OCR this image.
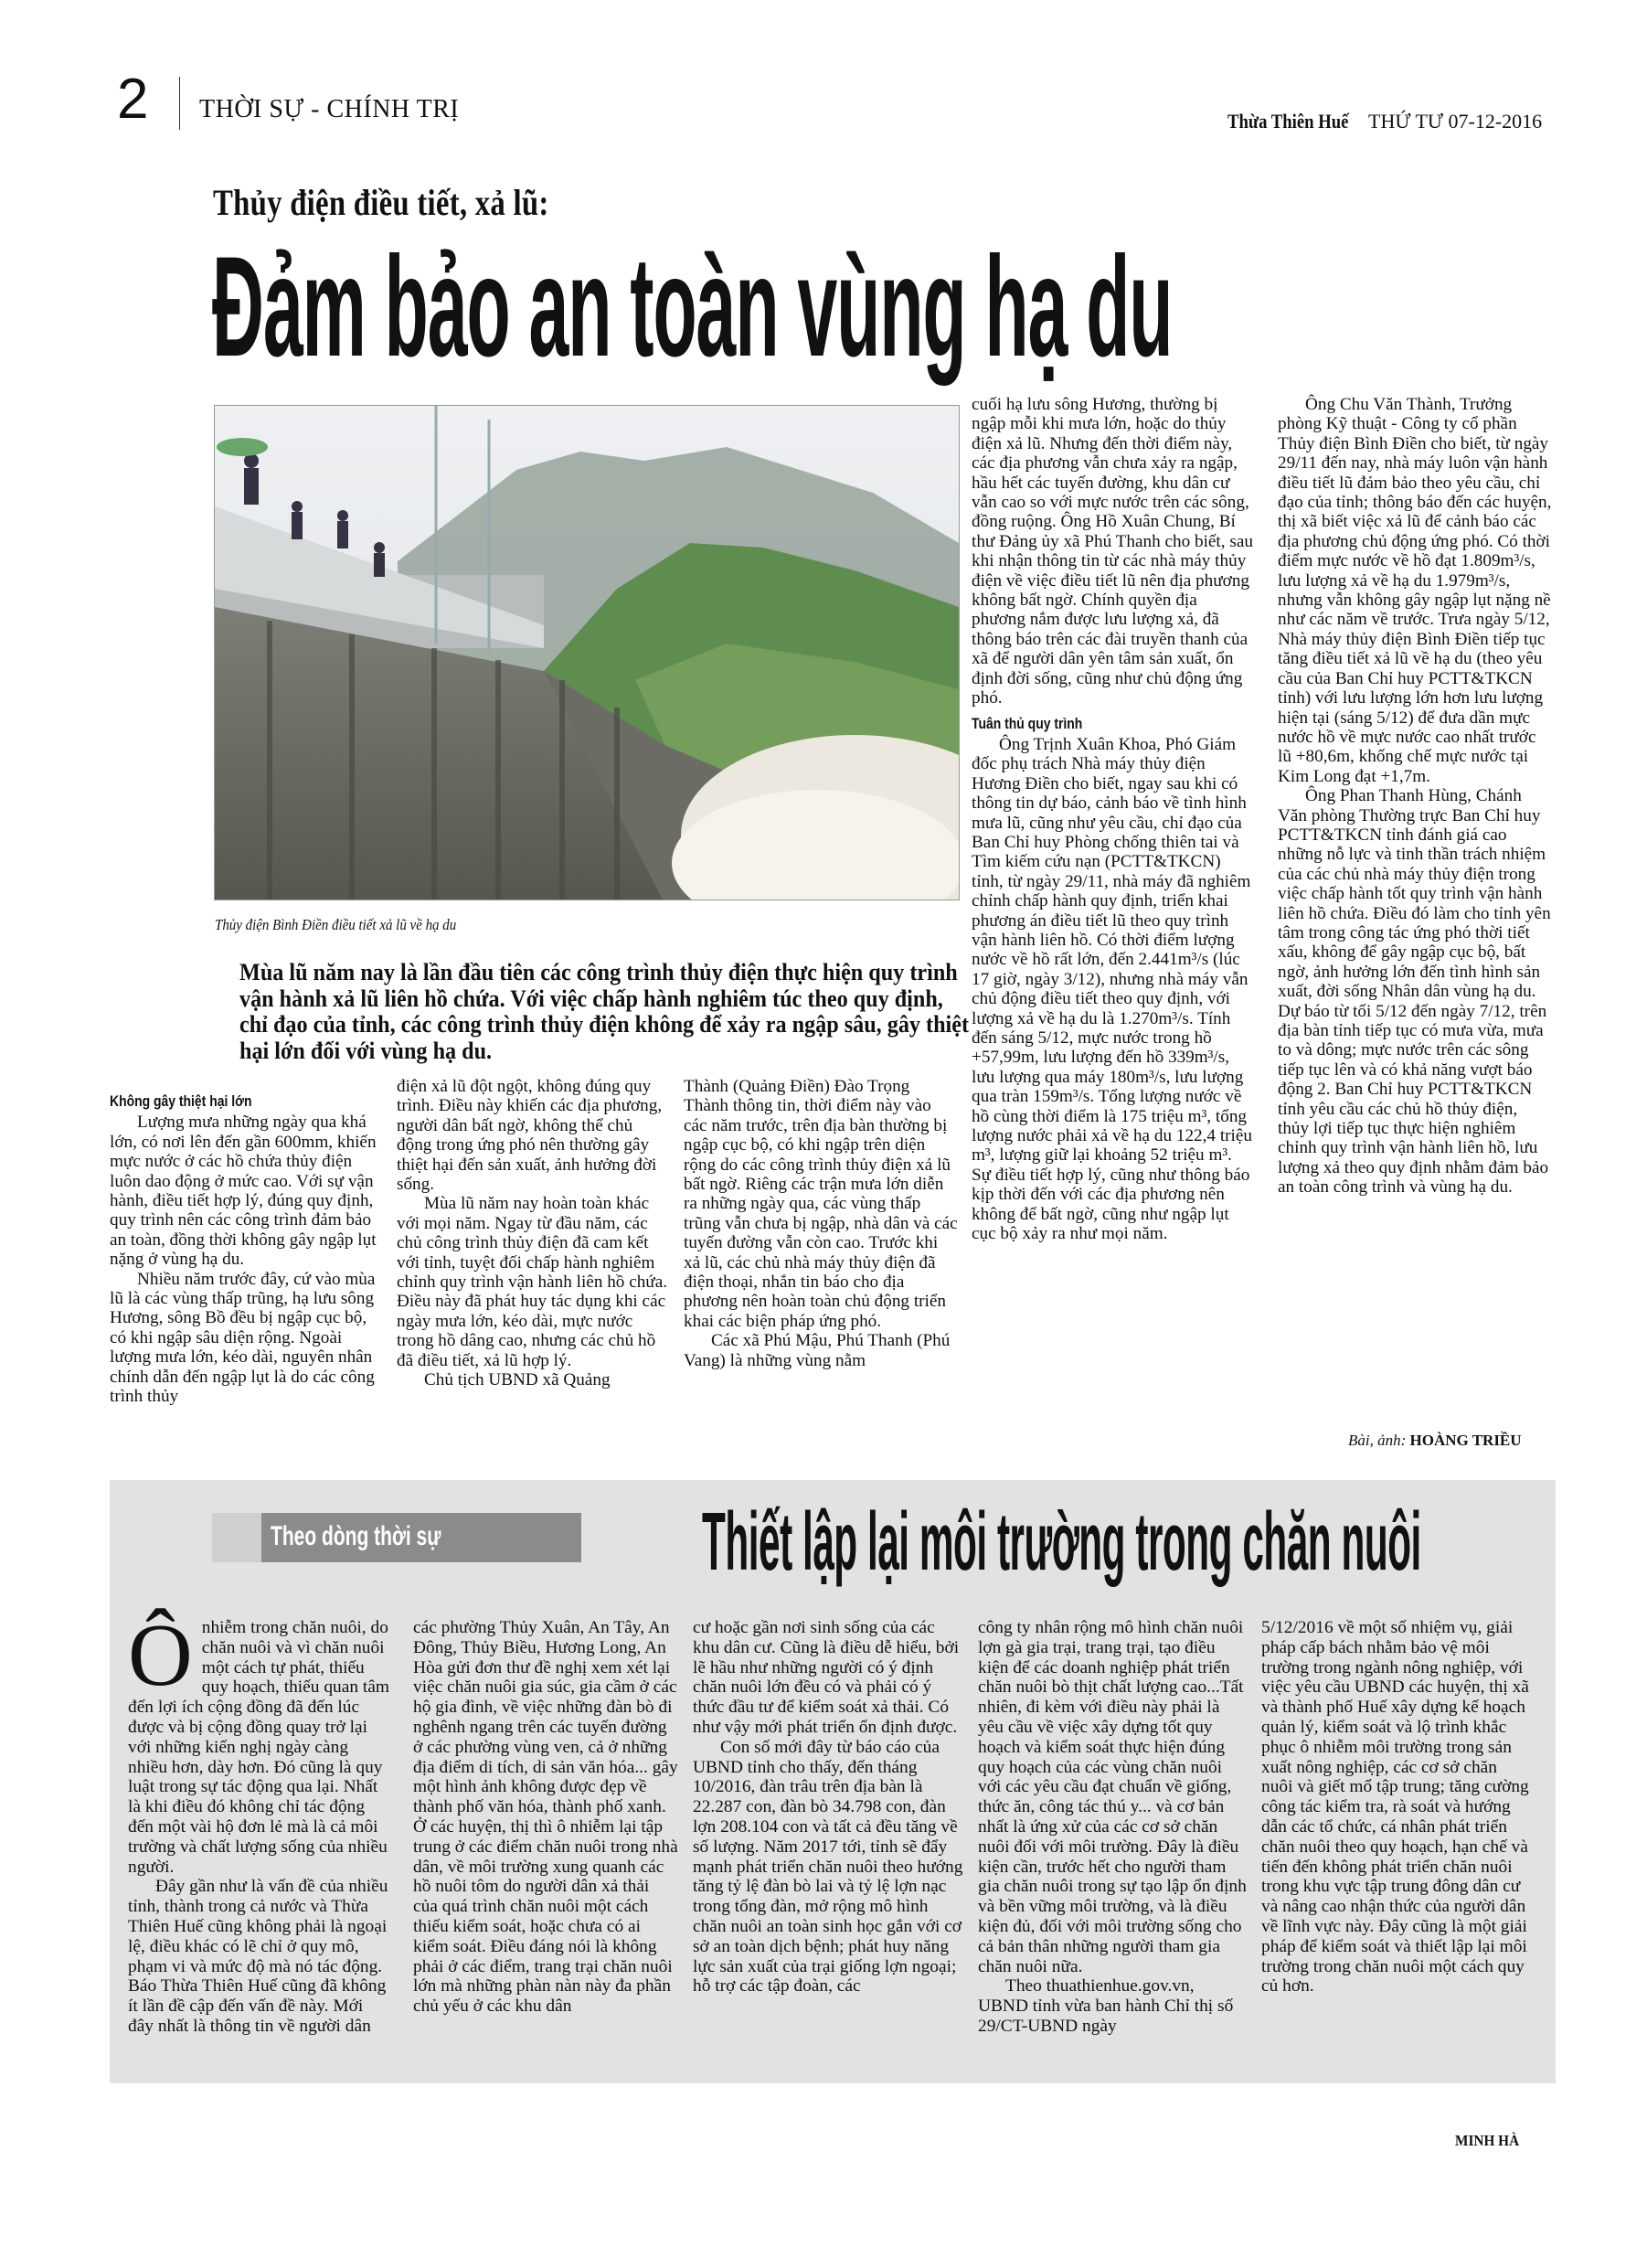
2 THỜI SỰ - CHÍNH TRỊ	Thừa Thiên Huế THỨ TƯ 07-12-2016
Thủy điện điều tiết, xả lũ:
Đảm bảo an toàn vùng hạ du
Thủy điện Bình Điền điều tiết xả lũ về hạ du
Mùa lũ năm nay là lần đầu tiên các công trình thủy điện thực hiện quy trình vận hành xả lũ liên hồ chứa. Với việc chấp hành nghiêm túc theo quy định, chỉ đạo của tỉnh, các công trình thủy điện không để xảy ra ngập sâu, gây thiệt hại lớn đối với vùng hạ du.
Không gây thiệt hại lớn

Lượng mưa những ngày qua khá lớn, có nơi lên đến gần 600mm, khiến mực nước ở các hồ chứa thủy điện luôn dao động ở mức cao. Với sự vận hành, điều tiết hợp lý, đúng quy định, quy trình nên các công trình đảm bảo an toàn, đồng thời không gây ngập lụt nặng ở vùng hạ du.

Nhiều năm trước đây, cứ vào mùa lũ là các vùng thấp trũng, hạ lưu sông Hương, sông Bồ đều bị ngập cục bộ, có khi ngập sâu diện rộng. Ngoài lượng mưa lớn, kéo dài, nguyên nhân chính dẫn đến ngập lụt là do các công trình thủy

điện xả lũ đột ngột, không đúng quy trình. Điều này khiến các địa phương, người dân bất ngờ, không thể chủ động trong ứng phó nên thường gây thiệt hại đến sản xuất, ảnh hưởng đời sống.

Mùa lũ năm nay hoàn toàn khác với mọi năm. Ngay từ đầu năm, các chủ công trình thủy điện đã cam kết với tỉnh, tuyệt đối chấp hành nghiêm chỉnh quy trình vận hành liên hồ chứa. Điều này đã phát huy tác dụng khi các ngày mưa lớn, kéo dài, mực nước trong hồ dâng cao, nhưng các chủ hồ đã điều tiết, xả lũ hợp lý.

Chủ tịch UBND xã Quảng

Thành (Quảng Điền) Đào Trọng Thành thông tin, thời điểm này vào các năm trước, trên địa bàn thường bị ngập cục bộ, có khi ngập trên diện rộng do các công trình thủy điện xả lũ bất ngờ. Riêng các trận mưa lớn diễn ra những ngày qua, các vùng thấp trũng vẫn chưa bị ngập, nhà dân và các tuyến đường vẫn còn cao. Trước khi xả lũ, các chủ nhà máy thủy điện đã điện thoại, nhắn tin báo cho địa phương nên hoàn toàn chủ động triển khai các biện pháp ứng phó.

Các xã Phú Mậu, Phú Thanh (Phú Vang) là những vùng nằm

cuối hạ lưu sông Hương, thường bị ngập mỗi khi mưa lớn, hoặc do thủy điện xả lũ. Nhưng đến thời điểm này, các địa phương vẫn chưa xảy ra ngập, hầu hết các tuyến đường, khu dân cư vẫn cao so với mực nước trên các sông, đồng ruộng. Ông Hồ Xuân Chung, Bí thư Đảng ủy xã Phú Thanh cho biết, sau khi nhận thông tin từ các nhà máy thủy điện về việc điều tiết lũ nên địa phương không bất ngờ. Chính quyền địa phương nắm được lưu lượng xả, đã thông báo trên các đài truyền thanh của xã để người dân yên tâm sản xuất, ổn định đời sống, cũng như chủ động ứng phó.

Tuân thủ quy trình

Ông Trịnh Xuân Khoa, Phó Giám đốc phụ trách Nhà máy thủy điện Hương Điền cho biết, ngay sau khi có thông tin dự báo, cảnh báo về tình hình mưa lũ, cũng như yêu cầu, chỉ đạo của Ban Chỉ huy Phòng chống thiên tai và Tìm kiếm cứu nạn (PCTT&TKCN) tỉnh, từ ngày 29/11, nhà máy đã nghiêm chỉnh chấp hành quy định, triển khai phương án điều tiết lũ theo quy trình vận hành liên hồ. Có thời điểm lượng nước về hồ rất lớn, đến 2.441m³/s (lúc 17 giờ, ngày 3/12), nhưng nhà máy vẫn chủ động điều tiết theo quy định, với lượng xả về hạ du là 1.270m³/s. Tính đến sáng 5/12, mực nước trong hồ +57,99m, lưu lượng đến hồ 339m³/s, lưu lượng qua máy 180m³/s, lưu lượng qua tràn 159m³/s. Tổng lượng nước về hồ cùng thời điểm là 175 triệu m³, tổng lượng nước phải xả về hạ du 122,4 triệu m³, lượng giữ lại khoảng 52 triệu m³. Sự điều tiết hợp lý, cũng như thông báo kịp thời đến với các địa phương nên không để bất ngờ, cũng như ngập lụt cục bộ xảy ra như mọi năm.

Ông Chu Văn Thành, Trưởng phòng Kỹ thuật - Công ty cổ phần Thủy điện Bình Điền cho biết, từ ngày 29/11 đến nay, nhà máy luôn vận hành điều tiết lũ đảm bảo theo yêu cầu, chỉ đạo của tỉnh; thông báo đến các huyện, thị xã biết việc xả lũ để cảnh báo các địa phương chủ động ứng phó. Có thời điểm mực nước về hồ đạt 1.809m³/s, lưu lượng xả về hạ du 1.979m³/s, nhưng vẫn không gây ngập lụt nặng nề như các năm về trước. Trưa ngày 5/12, Nhà máy thủy điện Bình Điền tiếp tục tăng điều tiết xả lũ về hạ du (theo yêu cầu của Ban Chỉ huy PCTT&TKCN tỉnh) với lưu lượng lớn hơn lưu lượng hiện tại (sáng 5/12) để đưa dần mực nước hồ về mực nước cao nhất trước lũ +80,6m, khống chế mực nước tại Kim Long đạt +1,7m.

Ông Phan Thanh Hùng, Chánh Văn phòng Thường trực Ban Chỉ huy PCTT&TKCN tỉnh đánh giá cao những nỗ lực và tinh thần trách nhiệm của các chủ nhà máy thủy điện trong việc chấp hành tốt quy trình vận hành liên hồ chứa. Điều đó làm cho tỉnh yên tâm trong công tác ứng phó thời tiết xấu, không để gây ngập cục bộ, bất ngờ, ảnh hưởng lớn đến tình hình sản xuất, đời sống Nhân dân vùng hạ du. Dự báo từ tối 5/12 đến ngày 7/12, trên địa bàn tỉnh tiếp tục có mưa vừa, mưa to và dông; mực nước trên các sông tiếp tục lên và có khả năng vượt báo động 2. Ban Chỉ huy PCTT&TKCN tỉnh yêu cầu các chủ hồ thủy điện, thủy lợi tiếp tục thực hiện nghiêm chỉnh quy trình vận hành liên hồ, lưu lượng xả theo quy định nhằm đảm bảo an toàn công trình và vùng hạ du.

Bài, ảnh: HOÀNG TRIỀU
Theo dòng thời sự	Thiết lập lại môi trường trong chăn nuôi

Ônhiễm trong chăn nuôi, do chăn nuôi và vì chăn nuôi một cách tự phát, thiếu quy hoạch, thiếu quan tâm đến lợi ích cộng đồng đã đến lúc được và bị cộng đồng quay trở lại với những kiến nghị ngày càng nhiều hơn, dày hơn. Đó cũng là quy luật trong sự tác động qua lại. Nhất là khi điều đó không chỉ tác động đến một vài hộ đơn lẻ mà là cả môi trường và chất lượng sống của nhiều người.

Đây gần như là vấn đề của nhiều tỉnh, thành trong cả nước và Thừa Thiên Huế cũng không phải là ngoại lệ, điều khác có lẽ chỉ ở quy mô, phạm vi và mức độ mà nó tác động. Báo Thừa Thiên Huế cũng đã không ít lần đề cập đến vấn đề này. Mới đây nhất là thông tin về người dân

các phường Thủy Xuân, An Tây, An Đông, Thủy Biều, Hương Long, An Hòa gửi đơn thư đề nghị xem xét lại việc chăn nuôi gia súc, gia cầm ở các hộ gia đình, về việc những đàn bò đi nghênh ngang trên các tuyến đường ở các phường vùng ven, cả ở những địa điểm di tích, di sản văn hóa... gây một hình ảnh không được đẹp về thành phố văn hóa, thành phố xanh. Ở các huyện, thị thì ô nhiễm lại tập trung ở các điểm chăn nuôi trong nhà dân, về môi trường xung quanh các hồ nuôi tôm do người dân xả thải của quá trình chăn nuôi một cách thiếu kiểm soát, hoặc chưa có ai kiểm soát. Điều đáng nói là không phải ở các điểm, trang trại chăn nuôi lớn mà những phàn nàn này đa phần chủ yếu ở các khu dân

cư hoặc gần nơi sinh sống của các khu dân cư. Cũng là điều dễ hiểu, bởi lẽ hầu như những người có ý định chăn nuôi lớn đều có và phải có ý thức đầu tư để kiểm soát xả thải. Có như vậy mới phát triển ổn định được.

Con số mới đây từ báo cáo của UBND tỉnh cho thấy, đến tháng 10/2016, đàn trâu trên địa bàn là 22.287 con, đàn bò 34.798 con, đàn lợn 208.104 con và tất cả đều tăng về số lượng. Năm 2017 tới, tỉnh sẽ đẩy mạnh phát triển chăn nuôi theo hướng tăng tỷ lệ đàn bò lai và tỷ lệ lợn nạc trong tổng đàn, mở rộng mô hình chăn nuôi an toàn sinh học gắn với cơ sở an toàn dịch bệnh; phát huy năng lực sản xuất của trại giống lợn ngoại; hỗ trợ các tập đoàn, các

công ty nhân rộng mô hình chăn nuôi lợn gà gia trại, trang trại, tạo điều kiện để các doanh nghiệp phát triển chăn nuôi bò thịt chất lượng cao...Tất nhiên, đi kèm với điều này phải là yêu cầu về việc xây dựng tốt quy hoạch và kiểm soát thực hiện đúng quy hoạch của các vùng chăn nuôi với các yêu cầu đạt chuẩn về giống, thức ăn, công tác thú y... và cơ bản nhất là ứng xử của các cơ sở chăn nuôi đối với môi trường. Đây là điều kiện cần, trước hết cho người tham gia chăn nuôi trong sự tạo lập ổn định và bền vững môi trường, và là điều kiện đủ, đối với môi trường sống cho cả bản thân những người tham gia chăn nuôi nữa.

Theo thuathienhue.gov.vn, UBND tỉnh vừa ban hành Chỉ thị số 29/CT-UBND ngày

5/12/2016 về một số nhiệm vụ, giải pháp cấp bách nhằm bảo vệ môi trường trong ngành nông nghiệp, với việc yêu cầu UBND các huyện, thị xã và thành phố Huế xây dựng kế hoạch quản lý, kiểm soát và lộ trình khắc phục ô nhiễm môi trường trong sản xuất nông nghiệp, các cơ sở chăn nuôi và giết mổ tập trung; tăng cường công tác kiểm tra, rà soát và hướng dẫn các tổ chức, cá nhân phát triển chăn nuôi theo quy hoạch, hạn chế và tiến đến không phát triển chăn nuôi trong khu vực tập trung đông dân cư và nâng cao nhận thức của người dân về lĩnh vực này. Đây cũng là một giải pháp để kiểm soát và thiết lập lại môi trường trong chăn nuôi một cách quy củ hơn.

MINH HÀ
